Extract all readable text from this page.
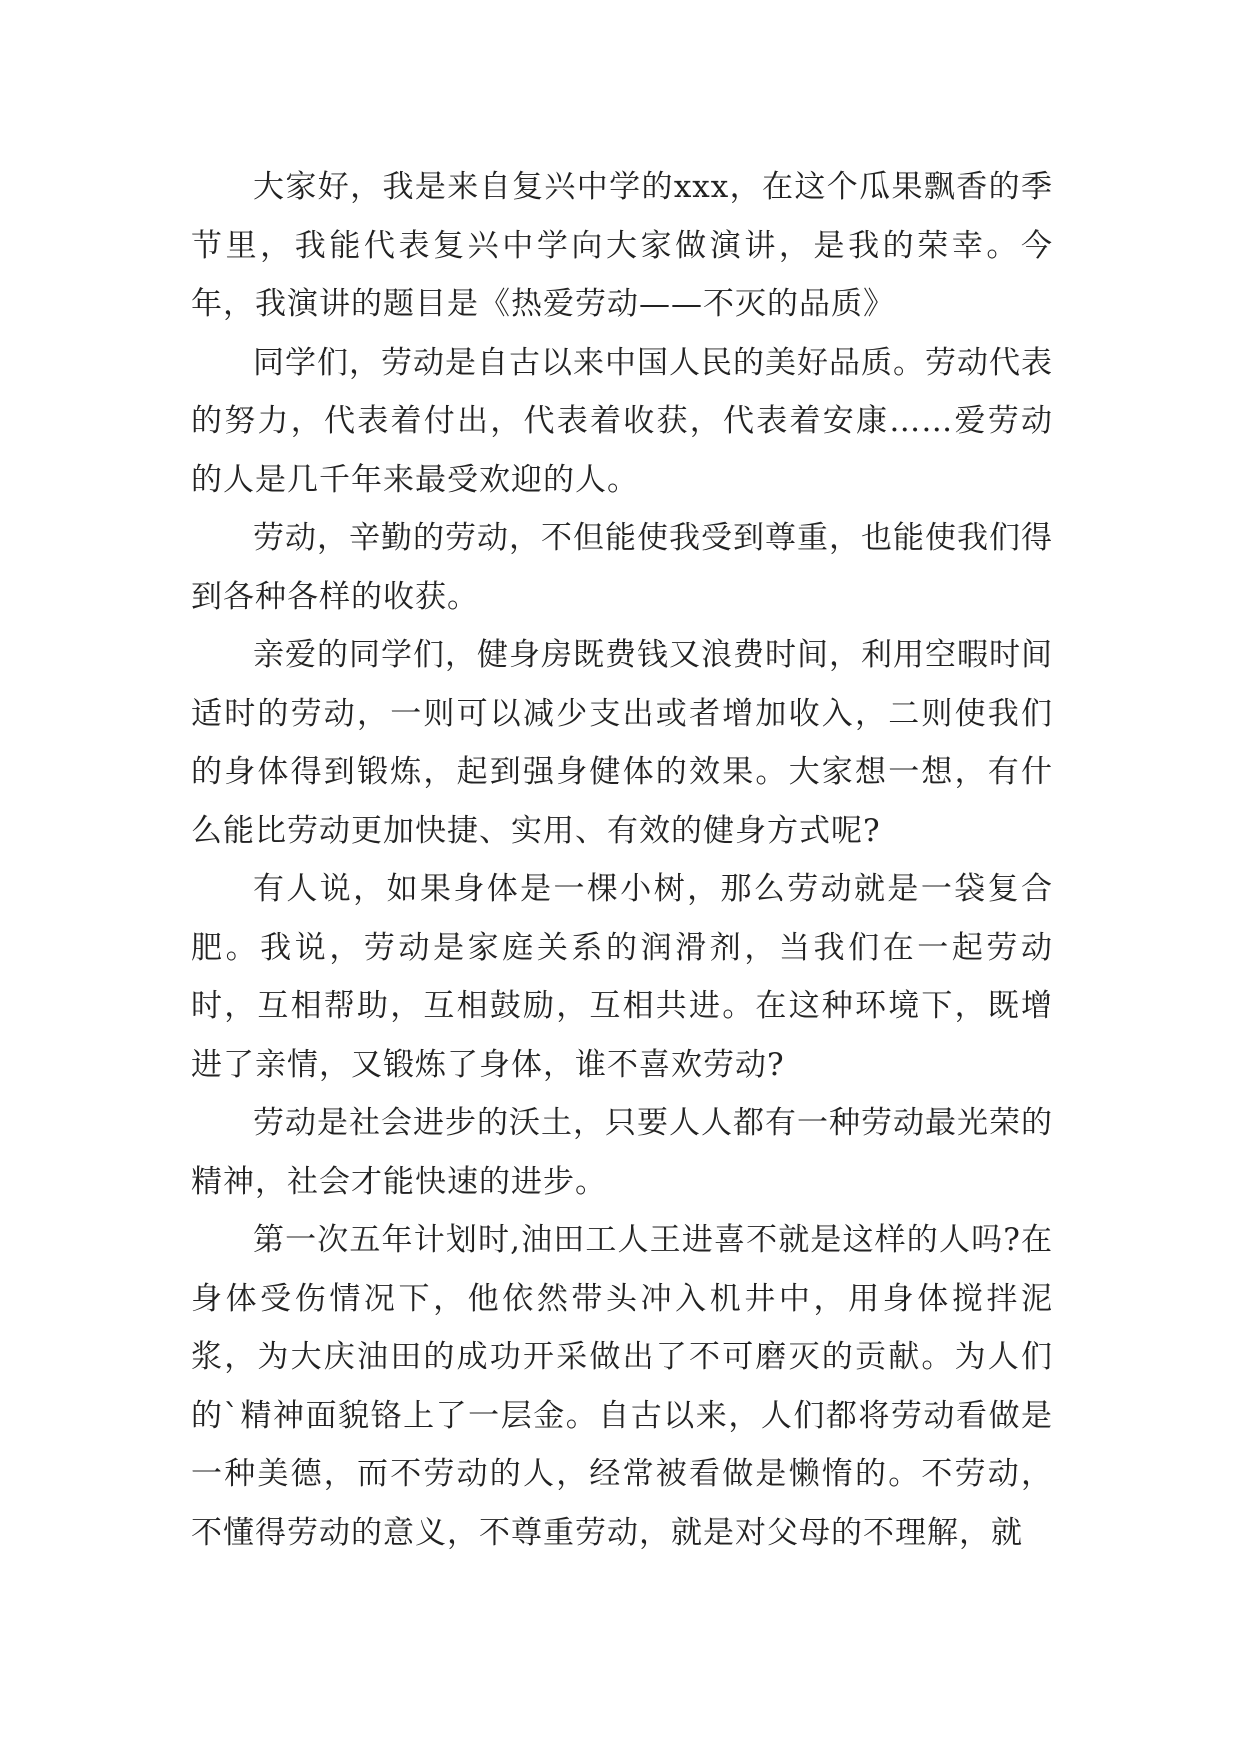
大家好，我是来自复兴中学的xxx，在这个瓜果飘香的季节里，我能代表复兴中学向大家做演讲，是我的荣幸。今年，我演讲的题目是《热爱劳动——不灭的品质》

同学们，劳动是自古以来中国人民的美好品质。劳动代表的努力，代表着付出，代表着收获，代表着安康……爱劳动的人是几千年来最受欢迎的人。

劳动，辛勤的劳动，不但能使我受到尊重，也能使我们得到各种各样的收获。

亲爱的同学们，健身房既费钱又浪费时间，利用空暇时间适时的劳动，一则可以减少支出或者增加收入，二则使我们的身体得到锻炼，起到强身健体的效果。大家想一想，有什么能比劳动更加快捷、实用、有效的健身方式呢?

有人说，如果身体是一棵小树，那么劳动就是一袋复合肥。我说，劳动是家庭关系的润滑剂，当我们在一起劳动时，互相帮助，互相鼓励，互相共进。在这种环境下，既增进了亲情，又锻炼了身体，谁不喜欢劳动?

劳动是社会进步的沃土，只要人人都有一种劳动最光荣的精神，社会才能快速的进步。

第一次五年计划时,油田工人王进喜不就是这样的人吗?在身体受伤情况下，他依然带头冲入机井中，用身体搅拌泥浆，为大庆油田的成功开采做出了不可磨灭的贡献。为人们的`精神面貌铬上了一层金。自古以来，人们都将劳动看做是一种美德，而不劳动的人，经常被看做是懒惰的。不劳动，不懂得劳动的意义，不尊重劳动，就是对父母的不理解，就
